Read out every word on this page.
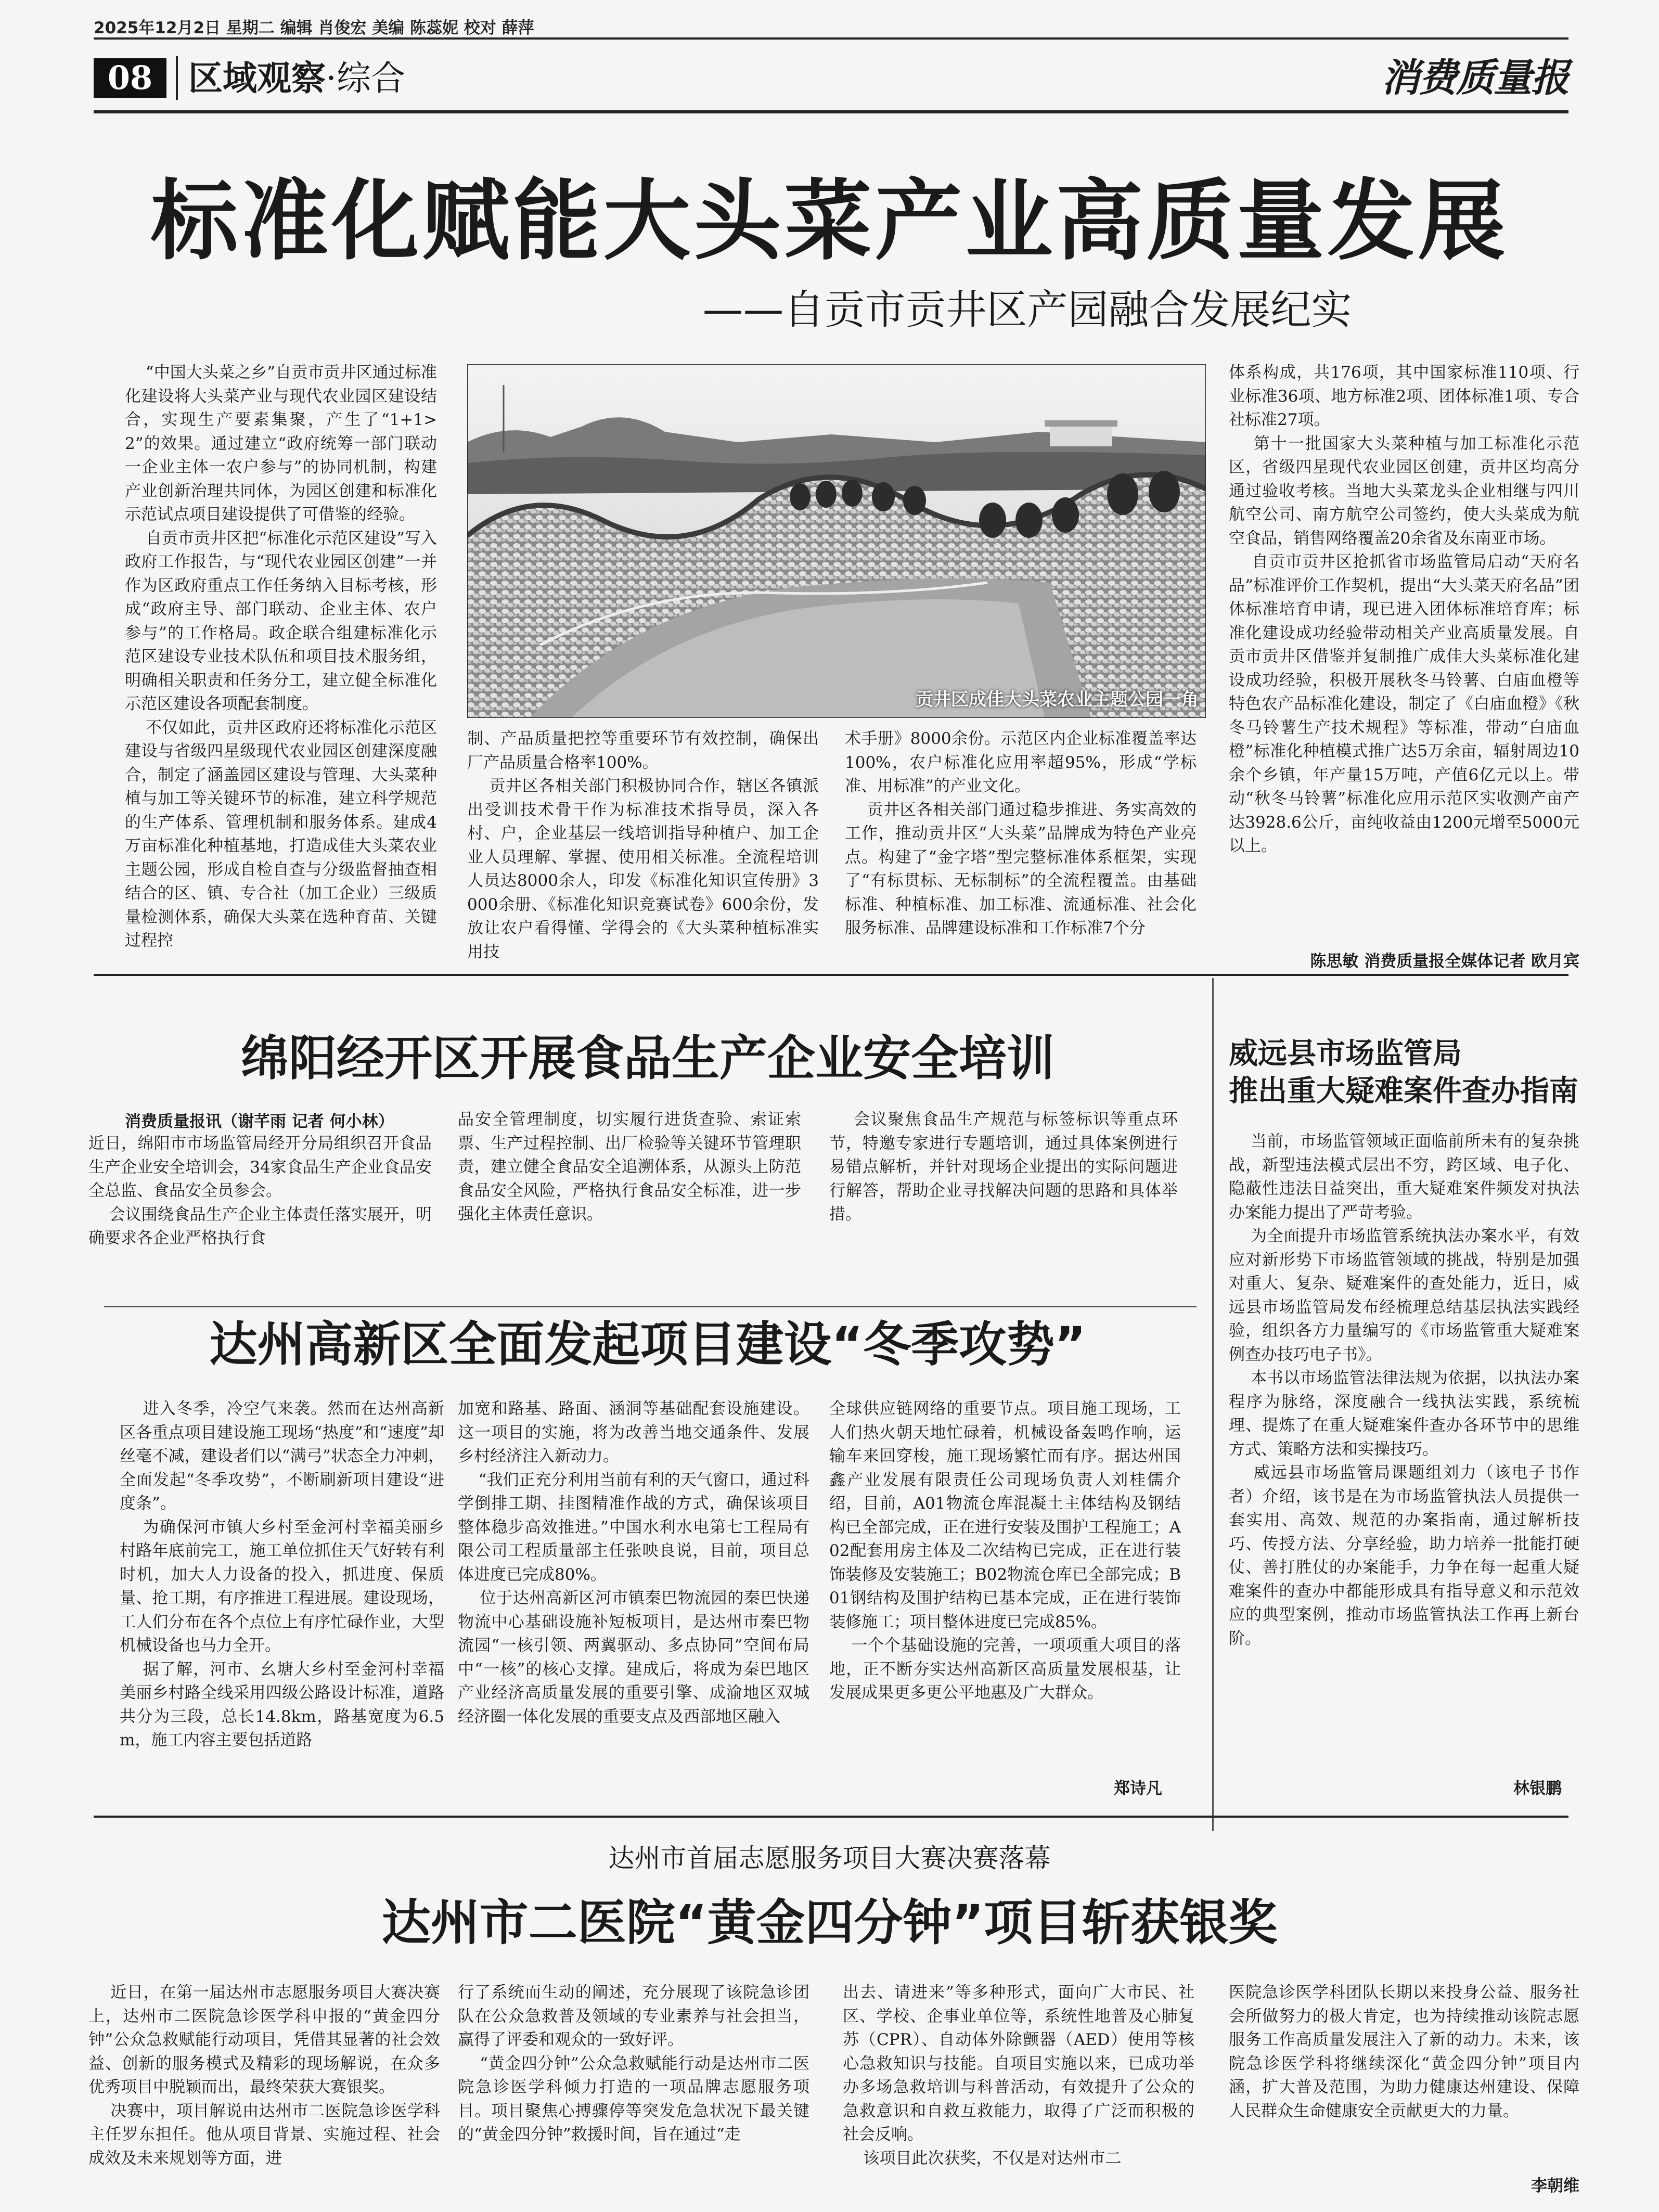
2025年12月2日 星期二 编辑 肖俊宏 美编 陈蕊妮 校对 薛萍
08	区域观察·综合	消费质量报
标准化赋能大头菜产业高质量发展
——自贡市贡井区产园融合发展纪实
“中国大头菜之乡”自贡市贡井区通过标准化建设将大头菜产业与现代农业园区建设结合，实现生产要素集聚，产生了“1+1>2”的效果。通过建立“政府统筹一部门联动一企业主体一农户参与”的协同机制，构建产业创新治理共同体，为园区创建和标准化示范试点项目建设提供了可借鉴的经验。
自贡市贡井区把“标准化示范区建设”写入政府工作报告，与“现代农业园区创建”一并作为区政府重点工作任务纳入目标考核，形成“政府主导、部门联动、企业主体、农户参与”的工作格局。政企联合组建标准化示范区建设专业技术队伍和项目技术服务组，明确相关职责和任务分工，建立健全标准化示范区建设各项配套制度。
不仅如此，贡井区政府还将标准化示范区建设与省级四星级现代农业园区创建深度融合，制定了涵盖园区建设与管理、大头菜种植与加工等关键环节的标准，建立科学规范的生产体系、管理机制和服务体系。建成4万亩标准化种植基地，打造成佳大头菜农业主题公园，形成自检自查与分级监督抽查相结合的区、镇、专合社（加工企业）三级质量检测体系，确保大头菜在选种育苗、关键过程控
贡井区成佳大头菜农业主题公园一角
制、产品质量把控等重要环节有效控制，确保出厂产品质量合格率100%。
贡井区各相关部门积极协同合作，辖区各镇派出受训技术骨干作为标准技术指导员，深入各村、户，企业基层一线培训指导种植户、加工企业人员理解、掌握、使用相关标准。全流程培训人员达8000余人，印发《标准化知识宣传册》3000余册、《标准化知识竞赛试卷》600余份，发放让农户看得懂、学得会的《大头菜种植标准实用技
术手册》8000余份。示范区内企业标准覆盖率达100%，农户标准化应用率超95%，形成“学标准、用标准”的产业文化。
贡井区各相关部门通过稳步推进、务实高效的工作，推动贡井区“大头菜”品牌成为特色产业亮点。构建了“金字塔”型完整标准体系框架，实现了“有标贯标、无标制标”的全流程覆盖。由基础标准、种植标准、加工标准、流通标准、社会化服务标准、品牌建设标准和工作标准7个分
体系构成，共176项，其中国家标准110项、行业标准36项、地方标准2项、团体标准1项、专合社标准27项。
第十一批国家大头菜种植与加工标准化示范区，省级四星现代农业园区创建，贡井区均高分通过验收考核。当地大头菜龙头企业相继与四川航空公司、南方航空公司签约，使大头菜成为航空食品，销售网络覆盖20余省及东南亚市场。
自贡市贡井区抢抓省市场监管局启动“天府名品”标准评价工作契机，提出“大头菜天府名品”团体标准培育申请，现已进入团体标准培育库；标准化建设成功经验带动相关产业高质量发展。自贡市贡井区借鉴并复制推广成佳大头菜标准化建设成功经验，积极开展秋冬马铃薯、白庙血橙等特色农产品标准化建设，制定了《白庙血橙》《秋冬马铃薯生产技术规程》等标准，带动“白庙血橙”标准化种植模式推广达5万余亩，辐射周边10余个乡镇，年产量15万吨，产值6亿元以上。带动“秋冬马铃薯”标准化应用示范区实收测产亩产达3928.6公斤，亩纯收益由1200元增至5000元以上。
陈思敏 消费质量报全媒体记者 欧月宾
绵阳经开区开展食品生产企业安全培训
消费质量报讯（谢芊雨 记者 何小林）
近日，绵阳市市场监管局经开分局组织召开食品生产企业安全培训会，34家食品生产企业食品安全总监、食品安全员参会。
会议围绕食品生产企业主体责任落实展开，明确要求各企业严格执行食
品安全管理制度，切实履行进货查验、索证索票、生产过程控制、出厂检验等关键环节管理职责，建立健全食品安全追溯体系，从源头上防范食品安全风险，严格执行食品安全标准，进一步强化主体责任意识。
会议聚焦食品生产规范与标签标识等重点环节，特邀专家进行专题培训，通过具体案例进行易错点解析，并针对现场企业提出的实际问题进行解答，帮助企业寻找解决问题的思路和具体举措。
达州高新区全面发起项目建设“冬季攻势”
进入冬季，冷空气来袭。然而在达州高新区各重点项目建设施工现场“热度”和“速度”却丝毫不减，建设者们以“满弓”状态全力冲刺，全面发起“冬季攻势”，不断刷新项目建设“进度条”。
为确保河市镇大乡村至金河村幸福美丽乡村路年底前完工，施工单位抓住天气好转有利时机，加大人力设备的投入，抓进度、保质量、抢工期，有序推进工程进展。建设现场，工人们分布在各个点位上有序忙碌作业，大型机械设备也马力全开。
据了解，河市、幺塘大乡村至金河村幸福美丽乡村路全线采用四级公路设计标准，道路共分为三段，总长14.8km，路基宽度为6.5m，施工内容主要包括道路
加宽和路基、路面、涵洞等基础配套设施建设。这一项目的实施，将为改善当地交通条件、发展乡村经济注入新动力。
“我们正充分利用当前有利的天气窗口，通过科学倒排工期、挂图精准作战的方式，确保该项目整体稳步高效推进。”中国水利水电第七工程局有限公司工程质量部主任张映良说，目前，项目总体进度已完成80%。
位于达州高新区河市镇秦巴物流园的秦巴快递物流中心基础设施补短板项目，是达州市秦巴物流园“一核引领、两翼驱动、多点协同”空间布局中“一核”的核心支撑。建成后，将成为秦巴地区产业经济高质量发展的重要引擎、成渝地区双城经济圈一体化发展的重要支点及西部地区融入
全球供应链网络的重要节点。项目施工现场，工人们热火朝天地忙碌着，机械设备轰鸣作响，运输车来回穿梭，施工现场繁忙而有序。据达州国鑫产业发展有限责任公司现场负责人刘桂儒介绍，目前，A01物流仓库混凝土主体结构及钢结构已全部完成，正在进行安装及围护工程施工；A02配套用房主体及二次结构已完成，正在进行装饰装修及安装施工；B02物流仓库已全部完成；B01钢结构及围护结构已基本完成，正在进行装饰装修施工；项目整体进度已完成85%。
一个个基础设施的完善，一项项重大项目的落地，正不断夯实达州高新区高质量发展根基，让发展成果更多更公平地惠及广大群众。
郑诗凡
威远县市场监管局
推出重大疑难案件查办指南
当前，市场监管领域正面临前所未有的复杂挑战，新型违法模式层出不穷，跨区域、电子化、隐蔽性违法日益突出，重大疑难案件频发对执法办案能力提出了严苛考验。
为全面提升市场监管系统执法办案水平，有效应对新形势下市场监管领域的挑战，特别是加强对重大、复杂、疑难案件的查处能力，近日，威远县市场监管局发布经梳理总结基层执法实践经验，组织各方力量编写的《市场监管重大疑难案例查办技巧电子书》。
本书以市场监管法律法规为依据，以执法办案程序为脉络，深度融合一线执法实践，系统梳理、提炼了在重大疑难案件查办各环节中的思维方式、策略方法和实操技巧。
威远县市场监管局课题组刘力（该电子书作者）介绍，该书是在为市场监管执法人员提供一套实用、高效、规范的办案指南，通过解析技巧、传授方法、分享经验，助力培养一批能打硬仗、善打胜仗的办案能手，力争在每一起重大疑难案件的查办中都能形成具有指导意义和示范效应的典型案例，推动市场监管执法工作再上新台阶。
林银鹏
达州市首届志愿服务项目大赛决赛落幕
达州市二医院“黄金四分钟”项目斩获银奖
近日，在第一届达州市志愿服务项目大赛决赛上，达州市二医院急诊医学科申报的“黄金四分钟”公众急救赋能行动项目，凭借其显著的社会效益、创新的服务模式及精彩的现场解说，在众多优秀项目中脱颖而出，最终荣获大赛银奖。
决赛中，项目解说由达州市二医院急诊医学科主任罗东担任。他从项目背景、实施过程、社会成效及未来规划等方面，进
行了系统而生动的阐述，充分展现了该院急诊团队在公众急救普及领域的专业素养与社会担当，赢得了评委和观众的一致好评。
“黄金四分钟”公众急救赋能行动是达州市二医院急诊医学科倾力打造的一项品牌志愿服务项目。项目聚焦心搏骤停等突发危急状况下最关键的“黄金四分钟”救援时间，旨在通过“走
出去、请进来”等多种形式，面向广大市民、社区、学校、企事业单位等，系统性地普及心肺复苏（CPR）、自动体外除颤器（AED）使用等核心急救知识与技能。自项目实施以来，已成功举办多场急救培训与科普活动，有效提升了公众的急救意识和自救互救能力，取得了广泛而积极的社会反响。
该项目此次获奖，不仅是对达州市二
医院急诊医学科团队长期以来投身公益、服务社会所做努力的极大肯定，也为持续推动该院志愿服务工作高质量发展注入了新的动力。未来，该院急诊医学科将继续深化“黄金四分钟”项目内涵，扩大普及范围，为助力健康达州建设、保障人民群众生命健康安全贡献更大的力量。
李朝维
